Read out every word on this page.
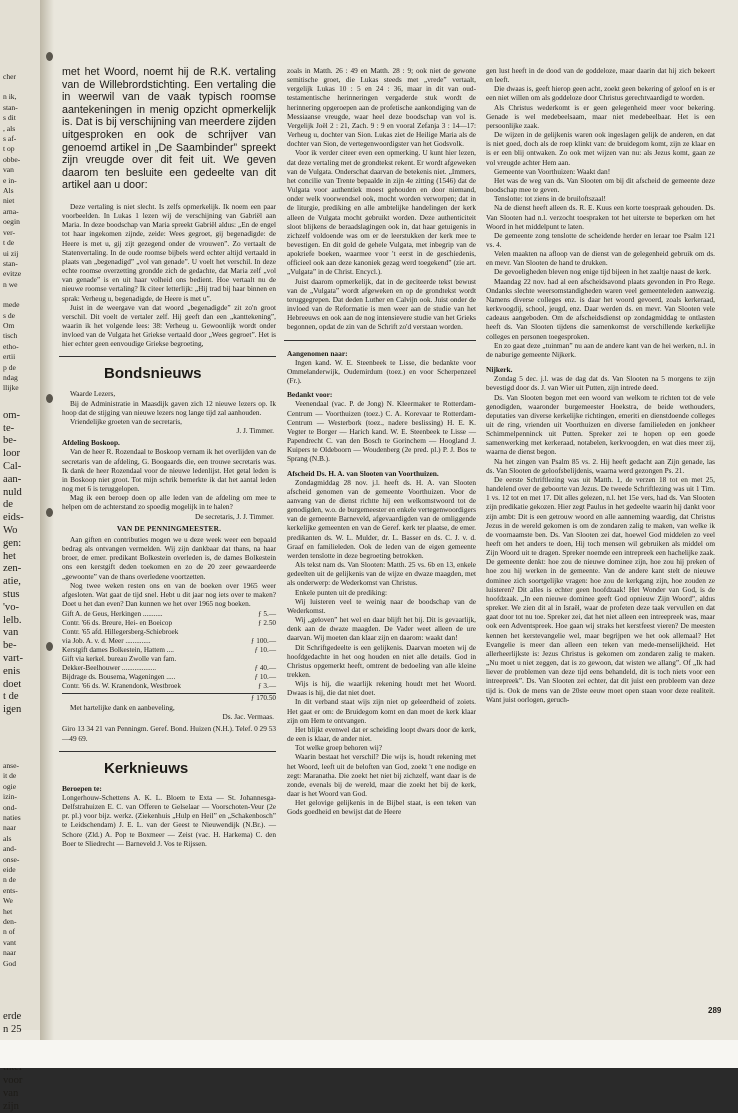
cher
n ik,
stan-
s dit
, als
s af-
t op
obbe-
van
e in-
Als
niet
arna-
oegin
ver-
t de
ui zij
stan-
evitze
n we
mede
s de
Om
tisch
etho-
ertii
p de
ndag
llijke
om-
te-
be-
loor
Cal-
aan-
nuld
de
eids-
Wo
gen:
het
zen-
atie,
stus
'vo-
lelb.
van
be-
vart-
enis
doet
t de
igen
anse-
it de
ogie
izin-
ond-
naties
naar
als
and-
onse-
eide
n de
ents-
We
het
den-
n of
vant
naar
God
erde
n 25
voor
van
zijn

met het Woord, noemt hij de R.K. vertaling van de Willebrordstichting. Een vertaling die in weerwil van de vaak typisch roomse aantekeningen in menig opzicht opmerkelijk is. Dat is bij verschijning van meerdere zijden uitgesproken en ook de schrijver van genoemd artikel in „De Saambinder” spreekt zijn vreugde over dit feit uit. We geven daarom ten besluite een gedeelte van dit artikel aan u door:

Deze vertaling is niet slecht. Is zelfs opmerkelijk. Ik noem een paar voorbeelden. In Lukas 1 lezen wij de verschijning van Gabriël aan Maria. In deze boodschap van Maria spreekt Gabriël aldus: „En de engel tot haar ingekomen zijnde, zeide: Wees gegroet, gij begenadigde: de Heere is met u, gij zijt gezegend onder de vrouwen”. Zo vertaalt de Statenvertaling. In de oude roomse bijbels werd echter altijd vertaald in plaats van „begenadigd” „vol van genade”. U voelt het verschil. In deze echte roomse overzetting grondde zich de gedachte, dat Maria zelf „vol van genade” is en uit haar volheid ons bedient. Hoe vertaalt nu de nieuwe roomse vertaling? Ik citeer letterlijk: „Hij trad bij haar binnen en sprak: Verheug u, begenadigde, de Heere is met u”.

Juist in de weergave van dat woord „begenadigde” zit zo'n groot verschil. Dit voelt de vertaler zelf. Hij geeft dan een „kanttekening”, waarin ik het volgende lees: 38: Verheug u. Gewoonlijk wordt onder invloed van de Vulgata het Griekse vertaald door „Wees gegroet”. Het is hier echter geen eenvoudige Griekse begroeting,

Bondsnieuws

Waarde Lezers,

Bij de Administratie in Maasdijk gaven zich 12 nieuwe lezers op. Ik hoop dat de stijging van nieuwe lezers nog lange tijd zal aanhouden.

Vriendelijke groeten van de secretaris,

J. J. Timmer.
Afdeling Boskoop.

Van de heer R. Rozendaal te Boskoop vernam ik het overlijden van de secretaris van de afdeling, G. Boogaards die, een trouwe secretaris was. Ik dank de heer Rozendaal voor de nieuwe ledenlijst. Het getal leden is in Boskoop niet groot. Tot mijn schrik bemerkte ik dat het aantal leden nog met 6 is teruggelopen.

Mag ik een beroep doen op alle leden van de afdeling om mee te helpen om de achterstand zo spoedig mogelijk in te halen?

De secretaris, J. J. Timmer.
VAN DE PENNINGMEESTER.

Aan giften en contributies mogen we u deze week weer een bepaald bedrag als ontvangen vermelden. Wij zijn dankbaar dat thans, na haar broer, de emer. predikant Bolkestein overleden is, de dames Bolkestein ons een kerstgift deden toekomen en zo de 20 zeer gewaardeerde „gewoonte” van de thans overledene voortzetten.

Nog twee weken resten ons en van de boeken over 1965 weer afgesloten. Wat gaat de tijd snel. Hebt u dit jaar nog iets over te maken? Doet u het dan even? Dan kunnen we het over 1965 nog boeken.

Gift A. de Geus, Herkingen ...........	ƒ 5.—
Contr. '66 ds. Breure, Hei- en Boeicop	ƒ 2.50
Contr. '65 afd. Hillegersberg-Schiebroek
via Job. A. v. d. Meer ..............	ƒ 100.—
Kerstgift dames Bolkestein, Hattem ....	ƒ 10.—
Gift via kerkel. bureau Zwolle van fam.
Dekker-Beelhouwer ...................	ƒ 40.—
Bijdrage ds. Bousema, Wageningen .....	ƒ 10.—
Contr. '66 ds. W. Kranendonk, Westbroek	ƒ 3.—
ƒ 170.50

Met hartelijke dank en aanbeveling,

Ds. Jac. Vermaas.

Giro 13 34 21 van Penningm. Geref. Bond. Huizen (N.H.). Telef. 0 29 53—49 69.

Kerknieuws
Beroepen te:

Longerhouw-Schettens A. K. L. Bloem te Exta — St. Johannesga-Delfstrahuizen E. C. van Offeren te Gelselaar — Voorschoten-Veur (2e pr. pl.) voor bijz. werkz. (Ziekenhuis „Hulp en Heil” en „Schakenbosch” te Leidschendam) J. E. L. van der Geest te Nieuwendijk (N.Br.). — Schore (Zld.) A. Pop te Boxmeer — Zeist (vac. H. Harkema) C. den Boer te Sliedrecht — Barneveld J. Vos te Rijssen.

zoals in Matth. 26 : 49 en Matth. 28 : 9; ook niet de gewone semitische groet, die Lukas steeds met „vrede” vertaalt, vergelijk Lukas 10 : 5 en 24 : 36, maar in dit van oud-testamentische herinneringen vergaderde stuk wordt de herinnering opgeroepen aan de profetische aankondiging van de Messiaanse vreugde, waar heel deze boodschap van vol is. Vergelijk Joël 2 : 21, Zach. 9 : 9 en vooral Zefanja 3 : 14—17: Verheug u, dochter van Sion. Lukas ziet de Heilige Maria als de dochter van Sion, de vertegenwoordigster van het Godsvolk.

Voor ik verder citeer even een opmerking. U kunt hier lezen, dat deze vertaling met de grondtekst rekent. Er wordt afgeweken van de Vulgata. Onderschat daarvan de betekenis niet. „Immers, het concilie van Trente bepaalde in zijn 4e zitting (1546) dat de Vulgata voor authentiek moest gehouden en door niemand, onder welk voorwendsel ook, mocht worden verworpen; dat in de liturgie, prediking en alle ambtelijke handelingen der kerk alleen de Vulgata mocht gebruikt worden. Deze authenticiteit sloot blijkens de beraadslagingen ook in, dat haar getuigenis in zichzelf voldoende was om er de leerstukken der kerk mee te bevestigen. En dit gold de gehele Vulgata, met inbegrip van de apokriefe boeken, waarmee voor 't eerst in de geschiedenis, officieel ook aan deze kanoniek gezag werd toegekend” (zie art. „Vulgata” in de Christ. Encycl.).

Juist daarom opmerkelijk, dat in de geciteerde tekst bewust van de „Vulgata” wordt afgeweken en op de grondtekst wordt teruggegrepen. Dat deden Luther en Calvijn ook. Juist onder de invloed van de Reformatie is men weer aan de studie van het Hebreeuws en ook aan de nog intensievere studie van het Grieks begonnen, opdat de zin van de Schrift zo'd verstaan worden.

Aangenomen naar:

Ingen kand. W. E. Steenbeek te Lisse, die bedankte voor Ommelanderwijk, Oudemirdum (toez.) en voor Scherpenzeel (Fr.).

Bedankt voor:

Veenendaal (vac. P. de Jong) N. Kleermaker te Rotterdam-Centrum — Voorthuizen (toez.) C. A. Korevaar te Rotterdam-Centrum — Westerbork (toez., nadere beslissing) H. E. K. Vegter te Borger — Harich kand. W. E. Steenbeek te Lisse — Papendrecht C. van den Bosch te Gorinchem — Hoogland J. Kuipers te Oldeboorn — Woudenberg (2e pred. pl.) P. J. Bos te Sprang (N.B.).

Afscheid Ds. H. A. van Slooten van Voorthuizen.

Zondagmiddag 28 nov. j.l. heeft ds. H. A. van Slooten afscheid genomen van de gemeente Voorthuizen. Voor de aanvang van de dienst richtte hij een welkomstwoord tot de genodigden, w.o. de burgemeester en enkele vertegenwoordigers van de gemeente Barneveld, afgevaardigden van de omliggende kerkelijke gemeenten en van de Geref. kerk ter plaatse, de emer. predikanten ds. W. L. Mulder, dr. L. Basser en ds. C. J. v. d. Graaf en familieleden. Ook de leden van de eigen gemeente werden tenslotte in deze begroeting betrokken.

Als tekst nam ds. Van Slooten: Matth. 25 vs. 6b en 13, enkele gedeelten uit de gelijkenis van de wijze en dwaze maagden, met als onderwerp: de Wederkomst van Christus.

Enkele punten uit de prediking:

Wij luisteren veel te weinig naar de boodschap van de Wederkomst.

Wij „geloven” het wel en daar blijft het bij. Dit is gevaarlijk, denk aan de dwaze maagden. De Vader weet alleen de ure daarvan. Wij moeten dan klaar zijn en daarom: waakt dan!

Dit Schriftgedeelte is een gelijkenis. Daarvan moeten wij de hoofdgedachte in het oog houden en niet alle details. God in Christus opgemerkt heeft, omtrent de bedoeling van alle kleine trekken.

Wijs is hij, die waarlijk rekening houdt met het Woord. Dwaas is hij, die dat niet doet.

In dit verband staat wijs zijn niet op geleerdheid of zoiets. Het gaat er om: de Bruidegom komt en dan moet de kerk klaar zijn om Hem te ontvangen.

Het blijkt evenwel dat er scheiding loopt dwars door de kerk, de een is klaar, de ander niet.

Tot welke groep behoren wij?

Waarin bestaat het verschil? Die wijs is, houdt rekening met het Woord, leeft uit de beloften van God, zoekt 't ene nodige en zegt: Maranatha. Die zoekt het niet bij zichzelf, want daar is de zonde, evenals bij de wereld, maar die zoekt het bij de kerk, daar is het Woord van God.

Het gelovige gelijkenis in de Bijbel staat, is een teken van Gods goedheid en bewijst dat de Heere

gen lust heeft in de dood van de goddeloze, maar daarin dat hij zich bekeert en leeft.

Die dwaas is, geeft hierop geen acht, zoekt geen bekering of geloof en is er een niet willen om als goddeloze door Christus gerechtvaardigd te worden.

Als Christus wederkomt is er geen gelegenheid meer voor bekering. Genade is wel medebeelsaam, maar niet medebeelbaar. Het is een persoonlijke zaak.

De wijzen in de gelijkenis waren ook ingeslagen gelijk de anderen, en dat is niet goed, doch als de roep klinkt van: de bruidegom komt, zijn ze klaar en is er een blij ontwaken. Zo ook met wijzen van nu: als Jezus komt, gaan ze vol vreugde achter Hem aan.

Gemeente van Voorthuizen: Waakt dan!

Het was de weg van ds. Van Slooten om bij dit afscheid de gemeente deze boodschap mee te geven.

Tenslotte: tot ziens in de bruiloftszaal!

Na de dienst heeft alleen ds. R. E. Kuus een korte toespraak gehouden. Ds. Van Slooten had n.l. verzocht toespraken tot het uiterste te beperken om het Woord in het middelpunt te laten.

De gemeente zong tenslotte de scheidende herder en leraar toe Psalm 121 vs. 4.

Velen maakten na afloop van de dienst van de gelegenheid gebruik om ds. en mevr. Van Slooten de hand te drukken.

De gevoeligheden bleven nog enige tijd bijeen in het zaaltje naast de kerk.

Maandag 22 nov. had al een afscheidsavond plaats gevonden in Pro Rege. Ondanks slechte weersomstandigheden waren veel gemeenteleden aanwezig. Namens diverse colleges enz. is daar het woord gevoerd, zoals kerkeraad, kerkvoogdij, school, jeugd, enz. Daar werden ds. en mevr. Van Slooten vele cadeaus aangeboden. Om de afscheidsdienst op zondagmiddag te ontlasten heeft ds. Van Slooten tijdens die samenkomst de verschillende kerkelijke colleges en personen toegesproken.

En zo gaat deze „tuinman” nu aan de andere kant van de hei werken, n.l. in de naburige gemeente Nijkerk.

Nijkerk.

Zondag 5 dec. j.l. was de dag dat ds. Van Slooten na 5 morgens te zijn bevestigd door ds. J. van Wier uit Putten, zijn intrede deed.

Ds. Van Slooten begon met een woord van welkom te richten tot de vele genodigden, waaronder burgemeester Hoekstra, de beide wethouders, deputaties van diverse kerkelijke richtingen, emeriti en dienstdoende colleges uit de ring, vrienden uit Voorthuizen en diverse familieleden en jonkheer Schimmelpenninck uit Putten. Spreker zei te hopen op een goede samenwerking met kerkeraad, notabelen, kerkvoogden, en wat dies meer zij, waarna de dienst begon.

Na het zingen van Psalm 85 vs. 2. Hij heeft gedacht aan Zijn genade, las ds. Van Slooten de geloofsbelijdenis, waarna werd gezongen Ps. 21.

De eerste Schriftlezing was uit Matth. 1, de verzen 18 tot en met 25, handelend over de geboorte van Jezus. De tweede Schriftlezing was uit 1 Tim. 1 vs. 12 tot en met 17. Dit alles gelezen, n.l. het 15e vers, had ds. Van Slooten zijn predikatie gekozen. Hier zegt Paulus in het gedeelte waarin hij dankt voor zijn ambt: Dit is een getrouw woord en alle aanneming waardig, dat Christus Jezus in de wereld gekomen is om de zondaren zalig te maken, van welke ik de voornaamste ben. Ds. Van Slooten zei dat, hoewel God middelen zo veel heeft om het anders te doen, Hij toch mensen wil gebruiken als middel om Zijn Woord uit te dragen. Spreker noemde een intrepreek een hachelijke zaak. De gemeente denkt: hoe zou de nieuwe dominee zijn, hoe zou hij preken of hoe zou hij werken in de gemeente. Van de andere kant stelt de nieuwe dominee zich soortgelijke vragen: hoe zou de kerkgang zijn, hoe zouden ze luisteren? Dit alles is echter geen hoofdzaak! Het Wonder van God, is de hoofdzaak. „In een nieuwe dominee geeft God opnieuw Zijn Woord”, aldus spreker. We zien dit al in Israël, waar de profeten deze taak vervullen en dat gaat door tot nu toe. Spreker zei, dat het niet alleen een intreepreek was, maar ook een Adventspreek. Hoe gaan wij straks het kerstfeest vieren? De meesten kennen het kerstevangelie wel, maar begrijpen we het ook allemaal? Het Evangelie is meer dan alleen een teken van mede-menselijkheid. Het allerheerlijkste is: Jezus Christus is gekomen om zondaren zalig te maken. „Nu moet u niet zeggen, dat is zo gewoon, dat wisten we allang”. Of „Ik had liever de problemen van deze tijd eens behandeld, dit is toch niets voor een intreepreek”. Ds. Van Slooten zei echter, dat dit juist een probleem van deze tijd is. Ook de mens van de 20ste eeuw moet open staan voor deze realiteit. Want juist oorlogen, geruch-

289
